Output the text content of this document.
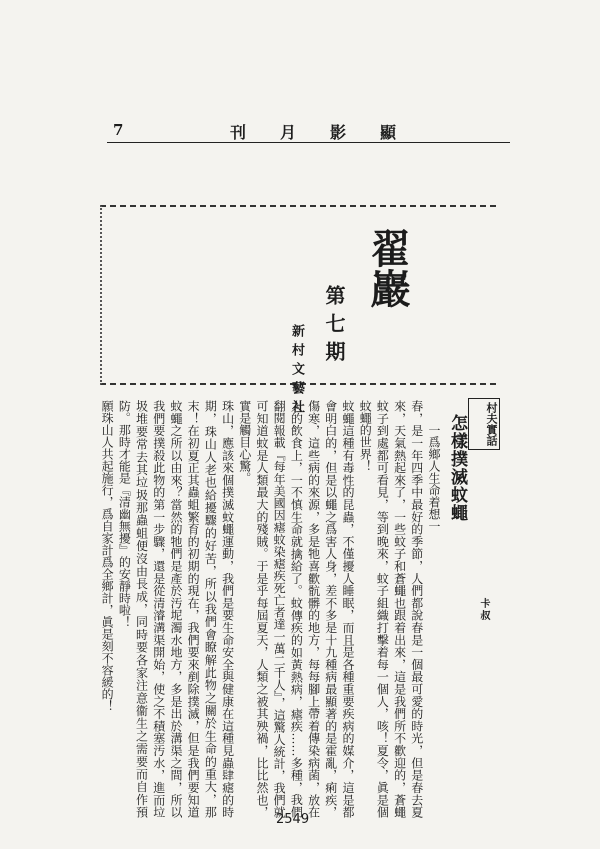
7	刊月影顯
翟巖
第七期
新村文藝社
村夫實話
怎樣撲滅蚊蠅
卡叔
　　一爲鄉人生命着想一
春，是一年四季中最好的季節，人們都說春是一個最可愛的時光，但是春去夏來，天氣熱起來了，一些蚊子和蒼蠅也跟着出來，這是我們所不歡迎的，蒼蠅蚊子到處都可看見，等到晚來，蚊子組織打擊着每一個人，咳！夏令，眞是個蚊蠅的世界！
蚊蠅這種有毒性的昆蟲，不僅擾人睡眠，而且是各種重要疾病的媒介，這是都會明白的，但是以蠅之爲害人身，差不多是十九種病最顯著的是霍亂，痢疾，傷寒，這些病的來源，多是牠喜歡骯髒的地方，每每腳上帶着傳染病菌，放在人的飲食上，一不慎生命就擒給了。蚊傳疾的如黃熱病，瘧疾……多種，我們翻閱報載『每年美國因瘧蚊染瘧疾死亡者達一萬二千人』，這驚人統計，我們就可知道蚊是人類最大的殘賊。于是乎每屆夏天，人類之被其殃禍，比比然也，實是觸目心驚。
珠山，應該來個撲滅蚊蠅運動，我們是要生命安全與健康在這種見蟲肆瘧的時期，珠山人老也給擾驟的好苦，所以我們會瞭解此物之關於生命的重大，那末！在初夏正其蟲蛆繁育的初期的現在，我們要來剷除撲滅，但是我們要知道蚊蠅之所以由來？當然的牠們是產於汚坭濁水地方，多是出於溝渠之間，所以我們要撲殺此物的第一步驟，還是從清濬溝渠開始，使之不積塞汚水，進而垃圾堆要常去其垃圾那蟲蛆便沒由長成，同時要各家注意衞生之需要而自作預防。那時才能是『清幽無擾』的安靜時啦！
願珠山人共起施行，爲自家計爲全鄉計，眞是刻不容緩的！
2549
